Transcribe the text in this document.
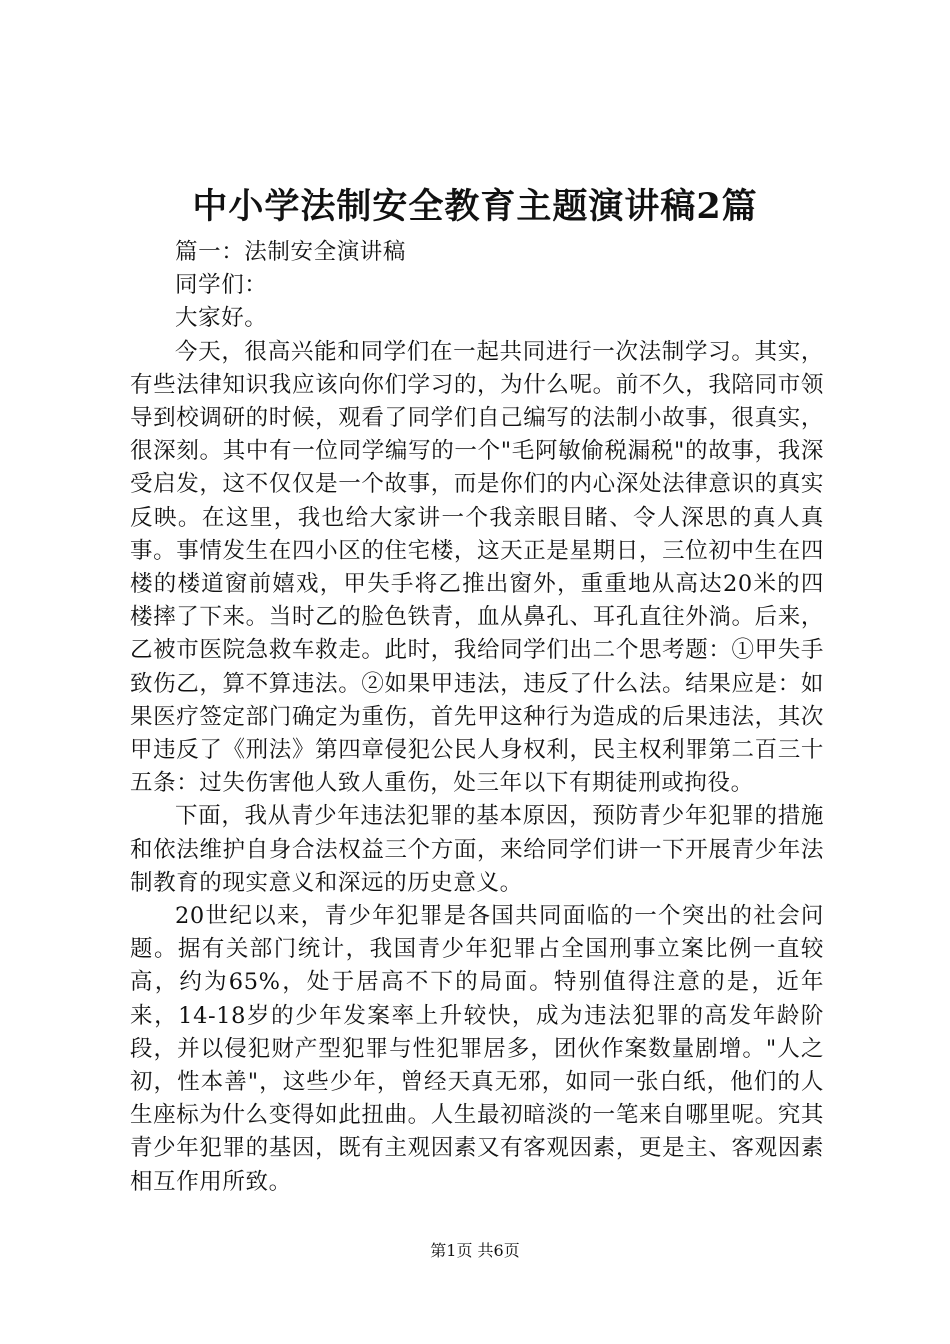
中小学法制安全教育主题演讲稿2篇

篇一：法制安全演讲稿

同学们：

大家好。

今天，很高兴能和同学们在一起共同进行一次法制学习。其实，有些法律知识我应该向你们学习的，为什么呢。前不久，我陪同市领导到校调研的时候，观看了同学们自己编写的法制小故事，很真实，很深刻。其中有一位同学编写的一个"毛阿敏偷税漏税"的故事，我深受启发，这不仅仅是一个故事，而是你们的内心深处法律意识的真实反映。在这里，我也给大家讲一个我亲眼目睹、令人深思的真人真事。事情发生在四小区的住宅楼，这天正是星期日，三位初中生在四楼的楼道窗前嬉戏，甲失手将乙推出窗外，重重地从高达20米的四楼摔了下来。当时乙的脸色铁青，血从鼻孔、耳孔直往外淌。后来，乙被市医院急救车救走。此时，我给同学们出二个思考题：①甲失手致伤乙，算不算违法。②如果甲违法，违反了什么法。结果应是：如果医疗签定部门确定为重伤，首先甲这种行为造成的后果违法，其次甲违反了《刑法》第四章侵犯公民人身权利，民主权利罪第二百三十五条：过失伤害他人致人重伤，处三年以下有期徒刑或拘役。

下面，我从青少年违法犯罪的基本原因，预防青少年犯罪的措施和依法维护自身合法权益三个方面，来给同学们讲一下开展青少年法制教育的现实意义和深远的历史意义。

20世纪以来，青少年犯罪是各国共同面临的一个突出的社会问题。据有关部门统计，我国青少年犯罪占全国刑事立案比例一直较高，约为65%，处于居高不下的局面。特别值得注意的是，近年来，14-18岁的少年发案率上升较快，成为违法犯罪的高发年龄阶段，并以侵犯财产型犯罪与性犯罪居多，团伙作案数量剧增。"人之初，性本善"，这些少年，曾经天真无邪，如同一张白纸，他们的人生座标为什么变得如此扭曲。人生最初暗淡的一笔来自哪里呢。究其青少年犯罪的基因，既有主观因素又有客观因素，更是主、客观因素相互作用所致。

第1页 共6页
